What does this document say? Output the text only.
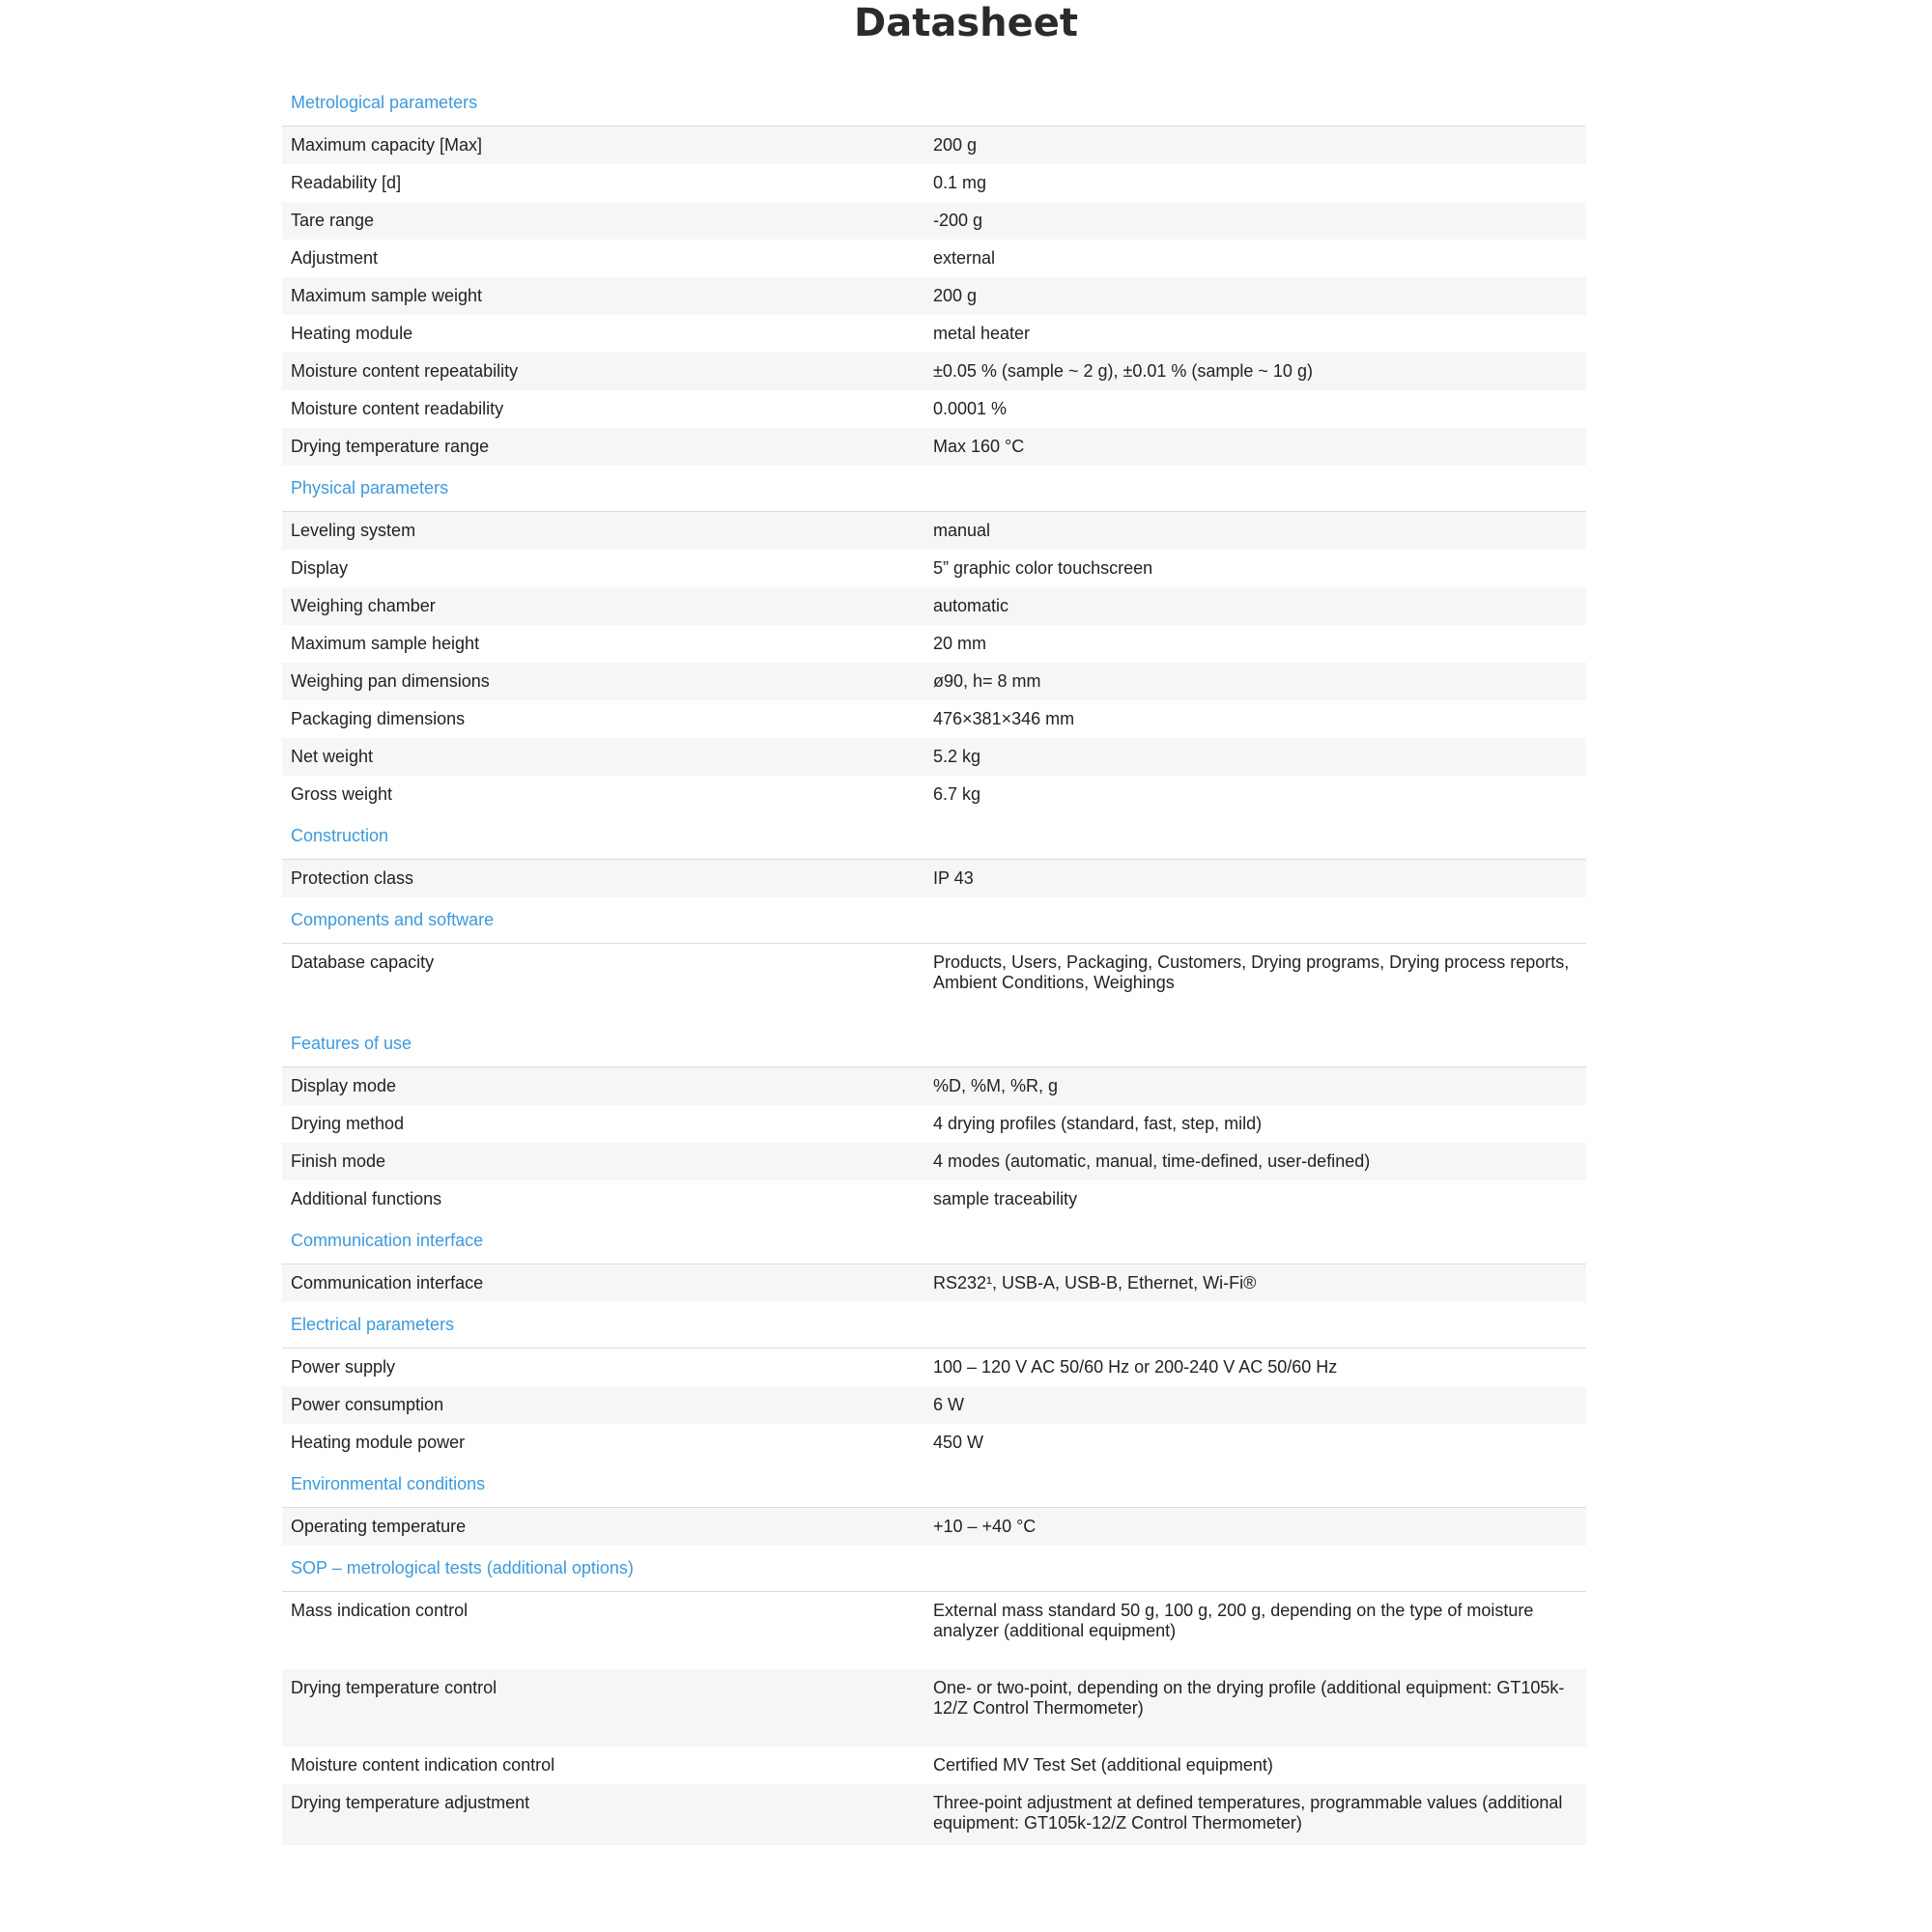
Datasheet
Metrological parameters
Maximum capacity [Max]	200 g
Readability [d]	0.1 mg
Tare range	-200 g
Adjustment	external
Maximum sample weight	200 g
Heating module	metal heater
Moisture content repeatability	±0.05 % (sample ~ 2 g), ±0.01 % (sample ~ 10 g)
Moisture content readability	0.0001 %
Drying temperature range	Max 160 °C
Physical parameters
Leveling system	manual
Display	5” graphic color touchscreen
Weighing chamber	automatic
Maximum sample height	20 mm
Weighing pan dimensions	ø90, h= 8 mm
Packaging dimensions	476×381×346 mm
Net weight	5.2 kg
Gross weight	6.7 kg
Construction
Protection class	IP 43
Components and software
Database capacity	Products, Users, Packaging, Customers, Drying programs, Drying process reports, Ambient Conditions, Weighings
Features of use
Display mode	%D, %M, %R, g
Drying method	4 drying profiles (standard, fast, step, mild)
Finish mode	4 modes (automatic, manual, time-defined, user-defined)
Additional functions	sample traceability
Communication interface
Communication interface	RS232¹, USB-A, USB-B, Ethernet, Wi-Fi®
Electrical parameters
Power supply	100 – 120 V AC 50/60 Hz or 200-240 V AC 50/60 Hz
Power consumption	6 W
Heating module power	450 W
Environmental conditions
Operating temperature	+10 – +40 °C
SOP – metrological tests (additional options)
Mass indication control	External mass standard 50 g, 100 g, 200 g, depending on the type of moisture analyzer (additional equipment)
Drying temperature control	One- or two-point, depending on the drying profile (additional equipment: GT105k-12/Z Control Thermometer)
Moisture content indication control	Certified MV Test Set (additional equipment)
Drying temperature adjustment	Three-point adjustment at defined temperatures, programmable values (additional equipment: GT105k-12/Z Control Thermometer)
